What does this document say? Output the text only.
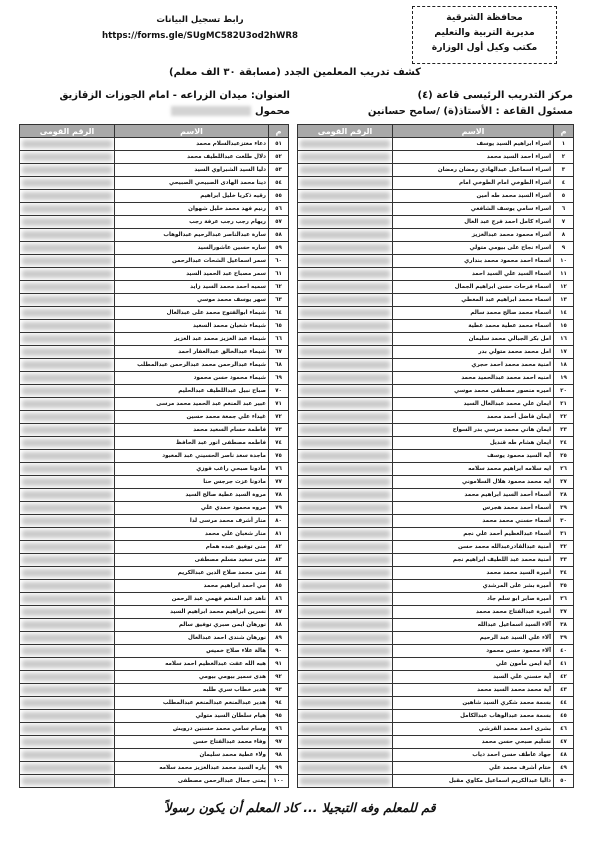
محافظة الشرقية
مديرية التربية والتعليم
مكتب وكيل أول الوزارة
رابط تسجيل البيانات
https://forms.gle/SUgMC582U3od2hWR8
كشف تدريب المعلمين الجدد (مسابقة ٣٠ الف معلم)
مركز التدريب الرئيسى قاعة (٤)
مسئول القاعة : الأستاذ(ة) /سامح حسانين
العنوان: ميدان الزراعه - امام الجوزات الزقازيق
محمول
م	الاسم	الرقم القومى
١	اسراء ابراهيم السيد يوسف	

٢	اسراء احمد السيد محمد	

٣	اسراء اسماعيل عبدالهادي رمضان رمضان	

٤	اسراء الطوخي امام الطوخي امام	

٥	اسراء السيد محمد طه أمين	

٦	اسراء سامي يوسف الشافعي	

٧	اسراء كامل احمد فرج عبد العال	

٨	اسراء محمود محمد عبدالعزيز	

٩	اسراء نجاح على بيومي متولي	

١٠	اسماء احمد محمود محمد بنداري	

١١	اسماء السيد علي السيد احمد	

١٢	اسماء فرحات حسن ابراهيم الجمال	

١٣	اسماء محمد ابراهيم عبد المعطي	

١٤	اسماء محمد صالح محمد سالم	

١٥	اسماء محمد عطية محمد عطية	

١٦	امل بكر الجبالي محمد سليمان	

١٧	امل محمد محمد متولي بدر	

١٨	امنية محمد محمد احمد حجري	

١٩	امنيه احمد محمد عبدالحميد محمد	

٢٠	اميره منصور مصطفى محمد موسي	

٢١	ايمان علي محمد عبدالعال السيد	

٢٢	ايمان فاضل أحمد محمد	

٢٣	ايمان هاني محمد مرسي بدر السواح	

٢٤	ايمان هشام طه قنديل	

٢٥	آيه السيد محمود يوسف	

٢٦	ايه سلامه ابراهيم محمد سلامه	

٢٧	ايه محمد محمود هلال السلاموني	

٢٨	أسماء أحمد السيد ابراهيم محمد	

٢٩	أسماء أحمد محمد هجرس	

٣٠	أسماء حسني محمد محمد	

٣١	أسماء عبدالعظيم أحمد علي نجم	

٣٢	أمنية عبدالقادرعبدالله محمد حسن	

٣٣	أمنية محمد عبد اللطيف ابراهيم نجم	

٣٤	أميرة السيد محمد محمد	

٣٥	أميرة بشر على المرشدي	

٣٦	أميرة صابر ابو سلم جاد	

٣٧	أميرة عبدالفتاح محمد محمد	

٣٨	آلاء السيد اسماعيل عبدالله	

٣٩	آلاء علي السيد عبد الرحيم	

٤٠	آلاء محمود حسن محمود	

٤١	آية ايمن مأمون علي	

٤٢	آية حسني علي السيد	

٤٣	آية محمد محمد السيد محمد	

٤٤	بسمة محمد شكري السيد شاهين	

٤٥	بسمة محمد عبدالوهاب عبدالكامل	

٤٦	بشرى احمد محمد القرشي	

٤٧	تسليم صبحي حسن محمد	

٤٨	جهاد عاطف حسن احمد دياب	

٤٩	ختام أشرف محمد علي	

٥٠	داليا عبدالكريم اسماعيل مكاوي مقبل	
م	الاسم	الرقم القومى
٥١	دعاء معتزعبدالسلام محمد	

٥٢	دلال طلعت عبداللطيف محمد	

٥٣	دليا السيد الشبراوي السيد	

٥٤	دينا محمد الهادى الصبيحي الصبيحي	

٥٥	رقيه ذكريا خليل ابراهيم	

٥٦	رنيم فهد محمد خليل شهوان	

٥٧	ريهام رجب رجب عرفة رجب	

٥٨	سارة عبدالناصر عبدالرحيم عبدالوهاب	

٥٩	ساره حسين عاشورالسيد	

٦٠	سمر اسماعيل الشحات عبدالرحمن	

٦١	سمر مصباح عبد الحميد السيد	

٦٢	سميه احمد محمد السيد زايد	

٦٣	سهر يوسف محمد موسي	

٦٤	شيماء ابوالفتوح محمد على عبدالعال	

٦٥	شيماء شعبان محمد السعيد	

٦٦	شيماء عبد العزيز محمد عبد العزيز	

٦٧	شيماء عبدالخالق عبدالغفار احمد	

٦٨	شيماء عبدالرحمن محمد عبدالرحمن عبدالمطلب	

٦٩	شيماء محمود حسن محمود	

٧٠	صباح نبيل عبداللطيف عبدالحليم	

٧١	عبير عبد المنعم عبد الحميد محمد مرسى	

٧٢	غيداء علي جمعة محمد حسين	

٧٣	فاطمة حسام السعيد محمد	

٧٤	فاطمه مصطفى انور عبد الحافظ	

٧٥	ماجدة سعد ناصر الحسيني عبد المعبود	

٧٦	مادونا صبحي راغب فوزي	

٧٧	مادونا عزت جرجس حنا	

٧٨	مروة السيد عطية صالح السيد	

٧٩	مروه محمود حمدي علي	

٨٠	منار أشرف محمد مرسى لدا	

٨١	منار شعبان علي محمد	

٨٢	منى توفيق عبده همام	

٨٣	منى سعيد مسلم مصطفى	

٨٤	منى محمد صلاح الدين عبدالكريم	

٨٥	مي احمد ابراهيم محمد	

٨٦	ناهد عبد المنعم فهمي عبد الرحمن	

٨٧	نسرين ابراهيم محمد ابراهيم السيد	

٨٨	نورهان ايمن صبري توفيق سالم	

٨٩	نورهان شندى احمد عبدالعال	

٩٠	هالة علاء صلاح خميس	

٩١	هبه الله عفت عبدالعظيم احمد سلامه	

٩٢	هدى سمير بيومي بيومي	

٩٣	هدير خطاب سري طلبه	

٩٤	هدير عبدالمنعم عبدالمنعم عبدالمطلب	

٩٥	هيام سلطان السيد متولي	

٩٦	وسام سامي محمد حسنين درويش	

٩٧	وفاء محمد عبدالفتاح حسن	

٩٨	ولاء عطية محمد سليمان	

٩٩	ياره السيد محمد عبدالعزيز محمد سلامه	

١٠٠	يمنى جمال عبدالرحمن مصطفى	
قم للمعلم وفه التبجيلا ... كاد المعلم أن يكون رسولاً
